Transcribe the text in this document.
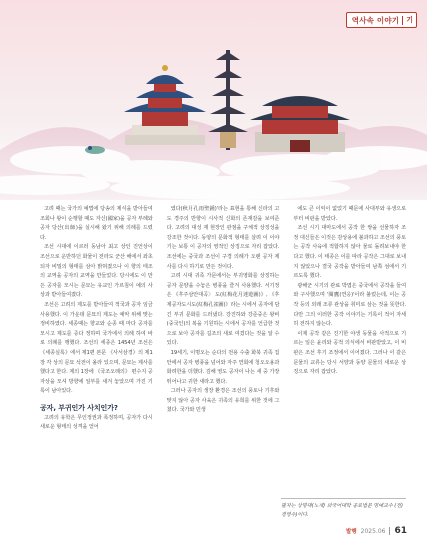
역사속 이야기 기

고려 때는 국가의 예법에 당송의 제식을 받아들여 조회나 왕이 순행할 때도 자신(國家)을 공자 부례와 공자 당산(出師)을 실시해 왔기 위해 의례를 드렸다.

조선 시대에 이르러 동남아 최고 상인 진언상이 조선으로 운반하던 화물이 전라도 군산 해에서 좌초되자 비밀의 형태를 삼아 밝혀졌으나 이 향의 태조의 교역을 공자의 교역을 만들었다. 당시에도 이 만든 공자를 모시는 문묘는 유교인 가르침이 예의 사상과 받아들여졌다.

조선은 고려의 제도를 받아들여 적국과 공자 임금 사용했다. 이 가운데 문묘의 제도는 예악 위해 맞는 정비하였다. 세종때는 향교와 순종 때 마다 공자를 모시고 제도를 증다 정하며 국가에서 의례 하여 바로 의례를 행했다. 조선의 세종은 1454년 조선은 《세종실록》에서 제1편 본문 《사서삼경》의 제1장 각 상의 문묘 석전이 올라 있으며, 문묘는 제사를 했다고 한다. 제의 1장에 《국조오례의》 편수지 공자상을 모셔 방향에 일부를 새겨 놓았으며 가진 기록이 남아있다.

공자, 부귀인가 사치인가?

고려의 유학은 무인정권과 폭정하며, 공자가 다시 새로운 형태의 성격을 얻어

였다(秋月孔雨聖鍾)'라는 표현을 통해 신라의 고도 경주의 반향이 시사적 신화의 존재감을 보여준다. 고려의 대성 재 현장인 관점을 구체적 상징성을 강조한 것이다. 동양의 문화적 형태를 살려 이 이야기는 보통 이 공자의 영적인 상징으로 자리 잡았다. 조선에는 중국과 조선이 구경 의례가 오랜 공자 제사를 다시 하기로 만든 것이다.

고려 시대 귀족 가문에서는 부귀영화를 상징하는 공자 문양을 수놓은 병풍을 즐겨 사용했다. 서기정은 《후주삼안대곡〉 도(紅梅花月迷遊圖)》, 《후제공자도시도(紅梅孔雀圖)》라는 시에서 공자에 담긴 부귀 문화를 드러냈다. 강진하와 강준중은 왕비(중국인)의 복을 기원하는 시에서 공자를 언급한 것으로 보아 공자를 길조의 새로 여겼다는 것을 알 수 있다.

19세기, 이명오는 순다의 전용 수출 화북 귀족 집안에서 공자 병풍을 넘어와 자주 연회에 청오오용과 화려한을 더했다. 김해 영도 공자이 나는 새 중 가장 뛰어나고 귀한 새라고 했다.

그러나 공자의 생장 환경은 조선의 풍토나 기후와 맞지 않아 공자 사육은 귀족의 유희를 위한 것에 그쳤다. 국가와 민생

에도 큰 이익이 없었기 때문에 사대부와 유생으로부터 비판을 받았다.

조선 시기 대마도에서 공작 한 쌍을 선물하자 조정 대신들은 이것은 감상용에 불과하고 조선의 풍토는 공작 사육에 적합하지 않아 물로 돌려보내야 한다고 했다. 이 태종은 이를 따라 공작은 그대로 보내지 않았으나 결국 공작을 받아들여 남쪽 섬에서 기르도록 했다.

광해군 시기의 관료 박엽은 중국에서 공작을 들여와 구사했으며 '閱鷹(연응)'이라 불렀는데, 이는 공작 등의 외래 조류 관상을 취미로 삼는 것을 뜻한다. 다만 그의 이러한 공작 이야기는 기록이 적어 자세히 전하지 않는다.

이제 공작 같은 진기한 야생 동물을 사적으로 기르는 일은 윤리와 공적 의식에서 비판받았고, 이 비판은 조선 후기 조정에서 이어졌다. 그러나 이 같은 문물의 교류는 당시 서양과 동양 문물의 새로운 상징으로 자리 잡았다.

필자는 상명대(노계) 외국어대학 공로법문 명예교수 (전) 경영수)이다.
발행 2025.06 61
